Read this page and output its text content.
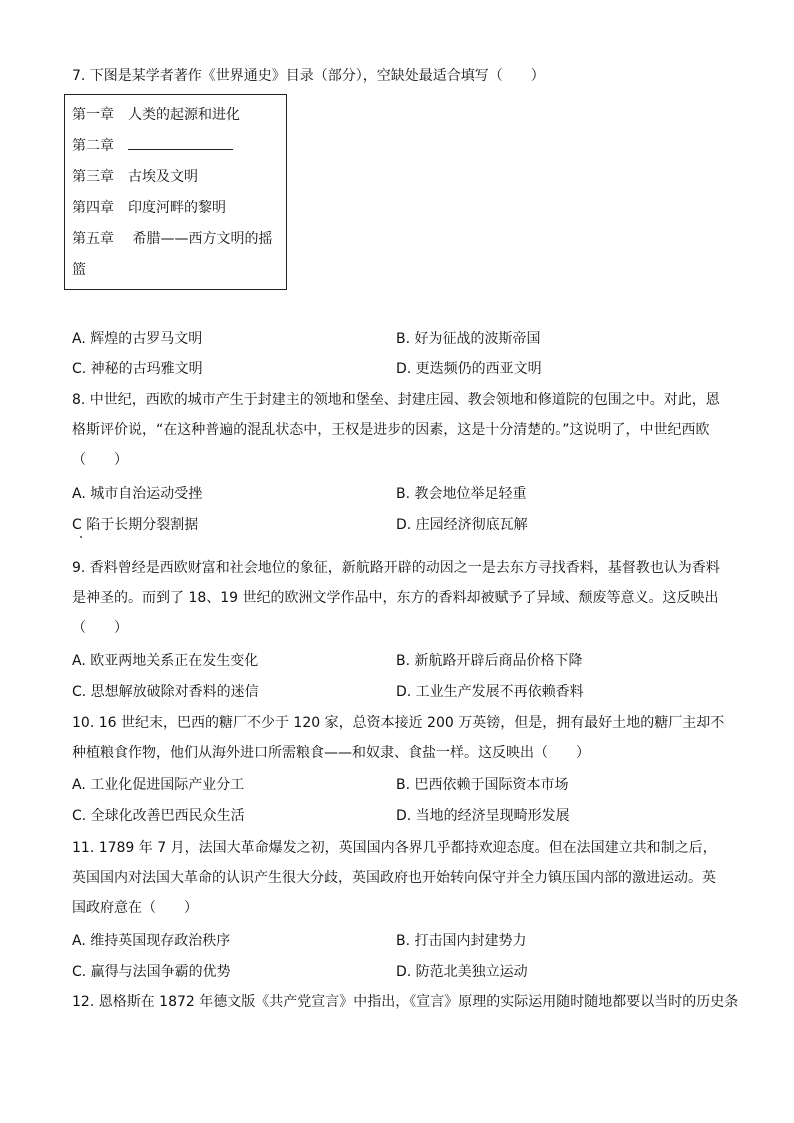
7. 下图是某学者著作《世界通史》目录（部分），空缺处最适合填写（　　）
第一章　人类的起源和进化
第二章
第三章　古埃及文明
第四章　印度河畔的黎明
第五章　 希腊——西方文明的摇
篮
A. 辉煌的古罗马文明	B. 好为征战的波斯帝国
C. 神秘的古玛雅文明	D. 更迭频仍的西亚文明
8. 中世纪，西欧的城市产生于封建主的领地和堡垒、封建庄园、教会领地和修道院的包围之中。对此，恩格斯评价说，“在这种普遍的混乱状态中，王权是进步的因素，这是十分清楚的。”这说明了，中世纪西欧（　　）
A. 城市自治运动受挫	B. 教会地位举足轻重
C 陷于长期分裂割据	D. 庄园经济彻底瓦解
9. 香料曾经是西欧财富和社会地位的象征，新航路开辟的动因之一是去东方寻找香料，基督教也认为香料是神圣的。而到了 18、19 世纪的欧洲文学作品中，东方的香料却被赋予了异域、颓废等意义。这反映出（　　）
A. 欧亚两地关系正在发生变化	B. 新航路开辟后商品价格下降
C. 思想解放破除对香料的迷信	D. 工业生产发展不再依赖香料
10. 16 世纪末，巴西的糖厂不少于 120 家，总资本接近 200 万英镑，但是，拥有最好土地的糖厂主却不种植粮食作物，他们从海外进口所需粮食——和奴隶、食盐一样。这反映出（　　）
A. 工业化促进国际产业分工	B. 巴西依赖于国际资本市场
C. 全球化改善巴西民众生活	D. 当地的经济呈现畸形发展
11. 1789 年 7 月，法国大革命爆发之初，英国国内各界几乎都持欢迎态度。但在法国建立共和制之后，英国国内对法国大革命的认识产生很大分歧，英国政府也开始转向保守并全力镇压国内部的激进运动。英国政府意在（　　）
A. 维持英国现存政治秩序	B. 打击国内封建势力
C. 赢得与法国争霸的优势	D. 防范北美独立运动
12. 恩格斯在 1872 年德文版《共产党宣言》中指出，《宣言》原理的实际运用随时随地都要以当时的历史条
